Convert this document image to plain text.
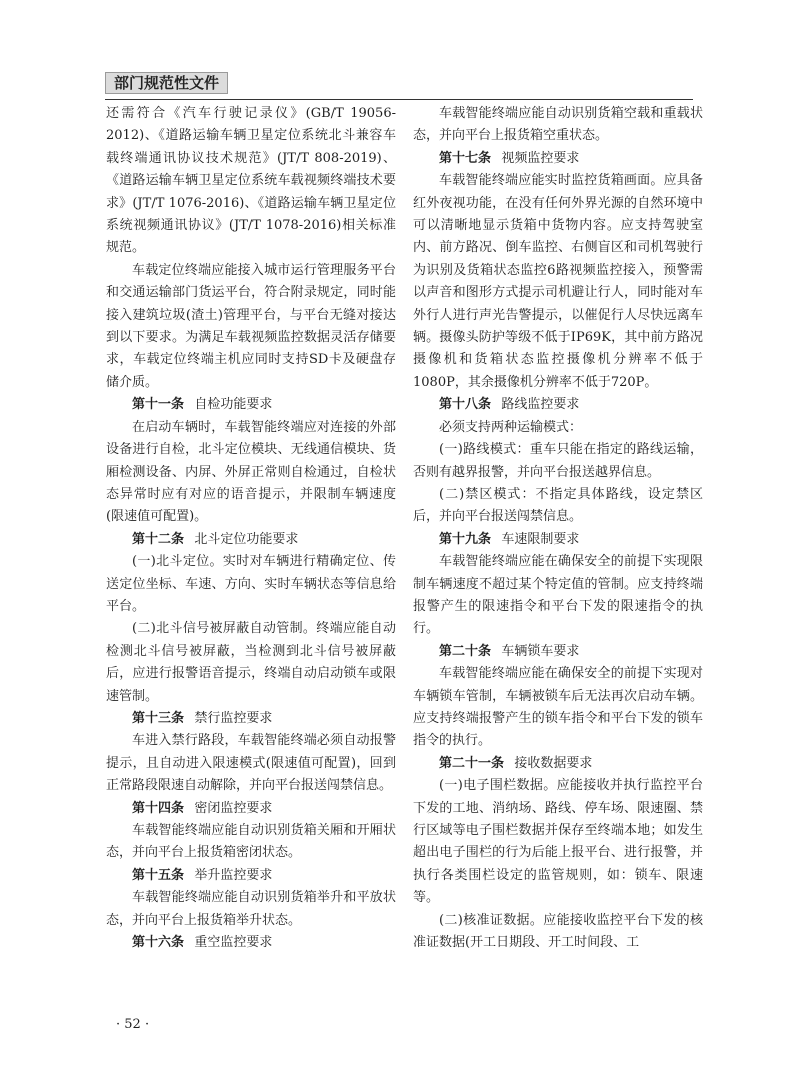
部门规范性文件

还需符合《汽车行驶记录仪》(GB/T 19056-2012)、《道路运输车辆卫星定位系统北斗兼容车载终端通讯协议技术规范》(JT/T 808-2019)、《道路运输车辆卫星定位系统车载视频终端技术要求》(JT/T 1076-2016)、《道路运输车辆卫星定位系统视频通讯协议》(JT/T 1078-2016)相关标准规范。

车载定位终端应能接入城市运行管理服务平台和交通运输部门货运平台，符合附录规定，同时能接入建筑垃圾(渣土)管理平台，与平台无缝对接达到以下要求。为满足车载视频监控数据灵活存储要求，车载定位终端主机应同时支持SD卡及硬盘存储介质。

第十一条 自检功能要求

在启动车辆时，车载智能终端应对连接的外部设备进行自检，北斗定位模块、无线通信模块、货厢检测设备、内屏、外屏正常则自检通过，自检状态异常时应有对应的语音提示，并限制车辆速度(限速值可配置)。

第十二条 北斗定位功能要求

(一)北斗定位。实时对车辆进行精确定位、传送定位坐标、车速、方向、实时车辆状态等信息给平台。

(二)北斗信号被屏蔽自动管制。终端应能自动检测北斗信号被屏蔽，当检测到北斗信号被屏蔽后，应进行报警语音提示，终端自动启动锁车或限速管制。

第十三条 禁行监控要求

车进入禁行路段，车载智能终端必须自动报警提示，且自动进入限速模式(限速值可配置)，回到正常路段限速自动解除，并向平台报送闯禁信息。

第十四条 密闭监控要求

车载智能终端应能自动识别货箱关厢和开厢状态，并向平台上报货箱密闭状态。

第十五条 举升监控要求

车载智能终端应能自动识别货箱举升和平放状态，并向平台上报货箱举升状态。

第十六条 重空监控要求

车载智能终端应能自动识别货箱空载和重载状态，并向平台上报货箱空重状态。

第十七条 视频监控要求

车载智能终端应能实时监控货箱画面。应具备红外夜视功能，在没有任何外界光源的自然环境中可以清晰地显示货箱中货物内容。应支持驾驶室内、前方路况、倒车监控、右侧盲区和司机驾驶行为识别及货箱状态监控6路视频监控接入，预警需以声音和图形方式提示司机避让行人，同时能对车外行人进行声光告警提示，以催促行人尽快远离车辆。摄像头防护等级不低于IP69K，其中前方路况摄像机和货箱状态监控摄像机分辨率不低于1080P，其余摄像机分辨率不低于720P。

第十八条 路线监控要求

必须支持两种运输模式：

(一)路线模式：重车只能在指定的路线运输，否则有越界报警，并向平台报送越界信息。

(二)禁区模式：不指定具体路线，设定禁区后，并向平台报送闯禁信息。

第十九条 车速限制要求

车载智能终端应能在确保安全的前提下实现限制车辆速度不超过某个特定值的管制。应支持终端报警产生的限速指令和平台下发的限速指令的执行。

第二十条 车辆锁车要求

车载智能终端应能在确保安全的前提下实现对车辆锁车管制，车辆被锁车后无法再次启动车辆。应支持终端报警产生的锁车指令和平台下发的锁车指令的执行。

第二十一条 接收数据要求

(一)电子围栏数据。应能接收并执行监控平台下发的工地、消纳场、路线、停车场、限速圈、禁行区域等电子围栏数据并保存至终端本地；如发生超出电子围栏的行为后能上报平台、进行报警，并执行各类围栏设定的监管规则，如：锁车、限速等。

(二)核准证数据。应能接收监控平台下发的核准证数据(开工日期段、开工时间段、工

· 52 ·
